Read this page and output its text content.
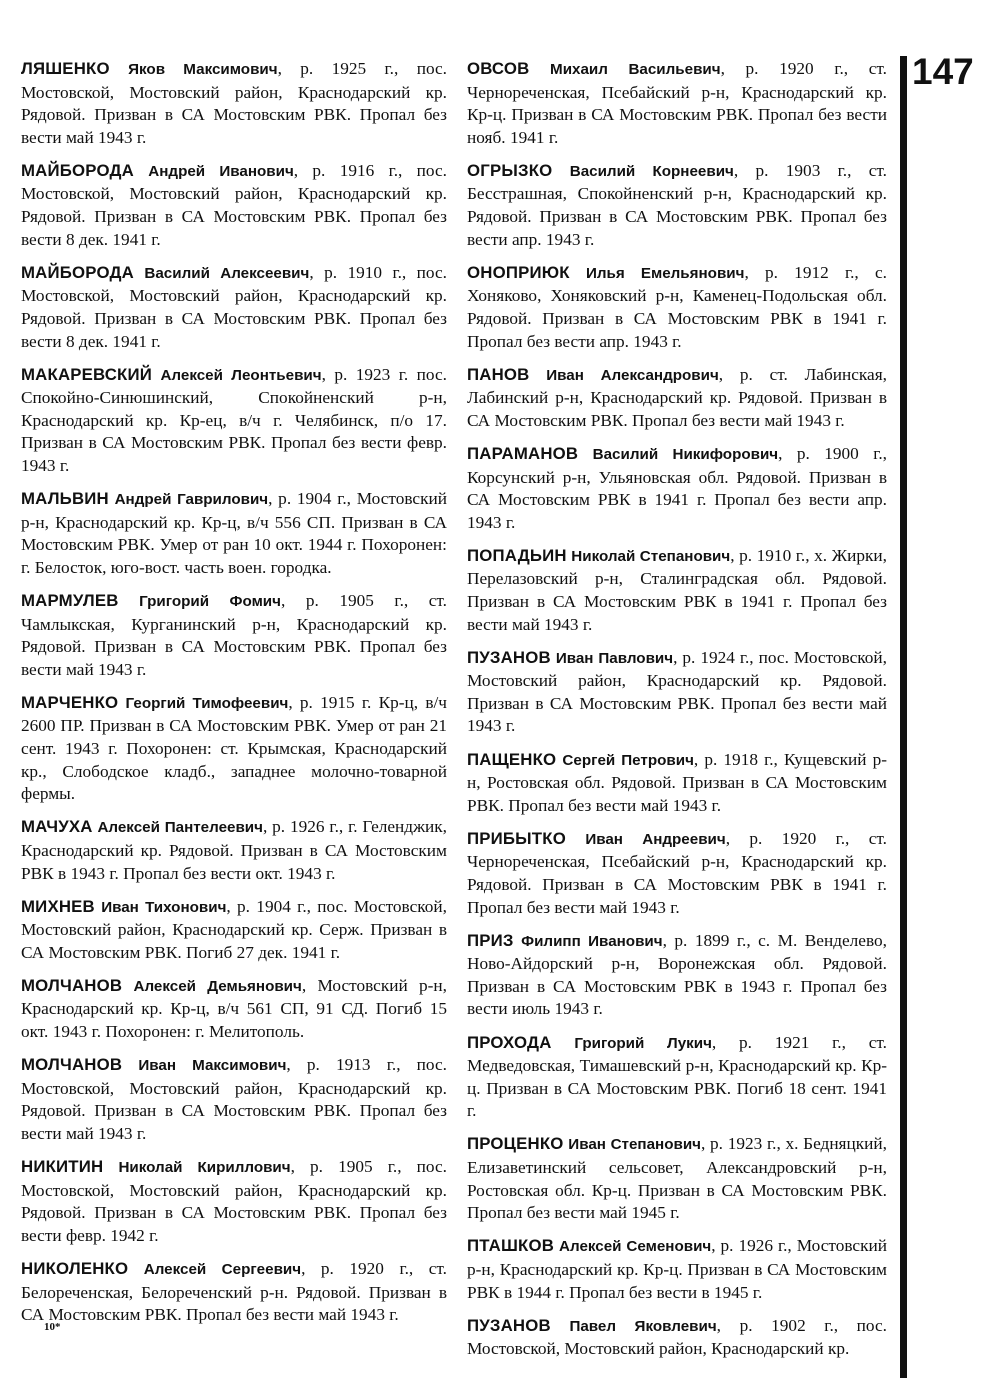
147

ЛЯШЕНКО Яков Максимович, р. 1925 г., пос. Мостовской, Мостовский район, Краснодарский кр. Рядовой. Призван в СА Мостовским РВК. Пропал без вести май 1943 г.

МАЙБОРОДА Андрей Иванович, р. 1916 г., пос. Мостовской, Мостовский район, Краснодарский кр. Рядовой. Призван в СА Мостовским РВК. Пропал без вести 8 дек. 1941 г.

МАЙБОРОДА Василий Алексеевич, р. 1910 г., пос. Мостовской, Мостовский район, Краснодарский кр. Рядовой. Призван в СА Мостовским РВК. Пропал без вести 8 дек. 1941 г.

МАКАРЕВСКИЙ Алексей Леонтьевич, р. 1923 г. пос. Спокойно-Синюшинский, Спокойненский р-н, Краснодарский кр. Кр-ец, в/ч г. Челябинск, п/о 17. Призван в СА Мостовским РВК. Пропал без вести февр. 1943 г.

МАЛЬВИН Андрей Гаврилович, р. 1904 г., Мостовский р-н, Краснодарский кр. Кр-ц, в/ч 556 СП. Призван в СА Мостовским РВК. Умер от ран 10 окт. 1944 г. Похоронен: г. Белосток, юго-вост. часть воен. городка.

МАРМУЛЕВ Григорий Фомич, р. 1905 г., ст. Чамлыкская, Курганинский р-н, Краснодарский кр. Рядовой. Призван в СА Мостовским РВК. Пропал без вести май 1943 г.

МАРЧЕНКО Георгий Тимофеевич, р. 1915 г. Кр-ц, в/ч 2600 ПР. Призван в СА Мостовским РВК. Умер от ран 21 сент. 1943 г. Похоронен: ст. Крымская, Краснодарский кр., Слободское кладб., западнее молочно-товарной фермы.

МАЧУХА Алексей Пантелеевич, р. 1926 г., г. Геленджик, Краснодарский кр. Рядовой. Призван в СА Мостовским РВК в 1943 г. Пропал без вести окт. 1943 г.

МИХНЕВ Иван Тихонович, р. 1904 г., пос. Мостовской, Мостовский район, Краснодарский кр. Серж. Призван в СА Мостовским РВК. Погиб 27 дек. 1941 г.

МОЛЧАНОВ Алексей Демьянович, Мостовский р-н, Краснодарский кр. Кр-ц, в/ч 561 СП, 91 СД. Погиб 15 окт. 1943 г. Похоронен: г. Мелитополь.

МОЛЧАНОВ Иван Максимович, р. 1913 г., пос. Мостовской, Мостовский район, Краснодарский кр. Рядовой. Призван в СА Мостовским РВК. Пропал без вести май 1943 г.

НИКИТИН Николай Кириллович, р. 1905 г., пос. Мостовской, Мостовский район, Краснодарский кр. Рядовой. Призван в СА Мостовским РВК. Пропал без вести февр. 1942 г.

НИКОЛЕНКО Алексей Сергеевич, р. 1920 г., ст. Белореченская, Белореченский р-н. Рядовой. Призван в СА Мостовским РВК. Пропал без вести май 1943 г.

ОВСОВ Михаил Васильевич, р. 1920 г., ст. Чернореченская, Псебайский р-н, Краснодарский кр. Кр-ц. Призван в СА Мостовским РВК. Пропал без вести нояб. 1941 г.

ОГРЫЗКО Василий Корнеевич, р. 1903 г., ст. Бесстрашная, Спокойненский р-н, Краснодарский кр. Рядовой. Призван в СА Мостовским РВК. Пропал без вести апр. 1943 г.

ОНОПРИЮК Илья Емельянович, р. 1912 г., с. Хоняково, Хоняковский р-н, Каменец-Подольская обл. Рядовой. Призван в СА Мостовским РВК в 1941 г. Пропал без вести апр. 1943 г.

ПАНОВ Иван Александрович, р. ст. Лабинская, Лабинский р-н, Краснодарский кр. Рядовой. Призван в СА Мостовским РВК. Пропал без вести май 1943 г.

ПАРАМАНОВ Василий Никифорович, р. 1900 г., Корсунский р-н, Ульяновская обл. Рядовой. Призван в СА Мостовским РВК в 1941 г. Пропал без вести апр. 1943 г.

ПОПАДЬИН Николай Степанович, р. 1910 г., х. Жирки, Перелазовский р-н, Сталинградская обл. Рядовой. Призван в СА Мостовским РВК в 1941 г. Пропал без вести май 1943 г.

ПУЗАНОВ Иван Павлович, р. 1924 г., пос. Мостовской, Мостовский район, Краснодарский кр. Рядовой. Призван в СА Мостовским РВК. Пропал без вести май 1943 г.

ПАЩЕНКО Сергей Петрович, р. 1918 г., Кущевский р-н, Ростовская обл. Рядовой. Призван в СА Мостовским РВК. Пропал без вести май 1943 г.

ПРИБЫТКО Иван Андреевич, р. 1920 г., ст. Чернореченская, Псебайский р-н, Краснодарский кр. Рядовой. Призван в СА Мостовским РВК в 1941 г. Пропал без вести май 1943 г.

ПРИЗ Филипп Иванович, р. 1899 г., с. М. Венделево, Ново-Айдорский р-н, Воронежская обл. Рядовой. Призван в СА Мостовским РВК в 1943 г. Пропал без вести июль 1943 г.

ПРОХОДА Григорий Лукич, р. 1921 г., ст. Медведовская, Тимашевский р-н, Краснодарский кр. Кр-ц. Призван в СА Мостовским РВК. Погиб 18 сент. 1941 г.

ПРОЦЕНКО Иван Степанович, р. 1923 г., х. Бедняцкий, Елизаветинский сельсовет, Александровский р-н, Ростовская обл. Кр-ц. Призван в СА Мостовским РВК. Пропал без вести май 1945 г.

ПТАШКОВ Алексей Семенович, р. 1926 г., Мостовский р-н, Краснодарский кр. Кр-ц. Призван в СА Мостовским РВК в 1944 г. Пропал без вести в 1945 г.

ПУЗАНОВ Павел Яковлевич, р. 1902 г., пос. Мостовской, Мостовский район, Краснодарский кр.

10*
